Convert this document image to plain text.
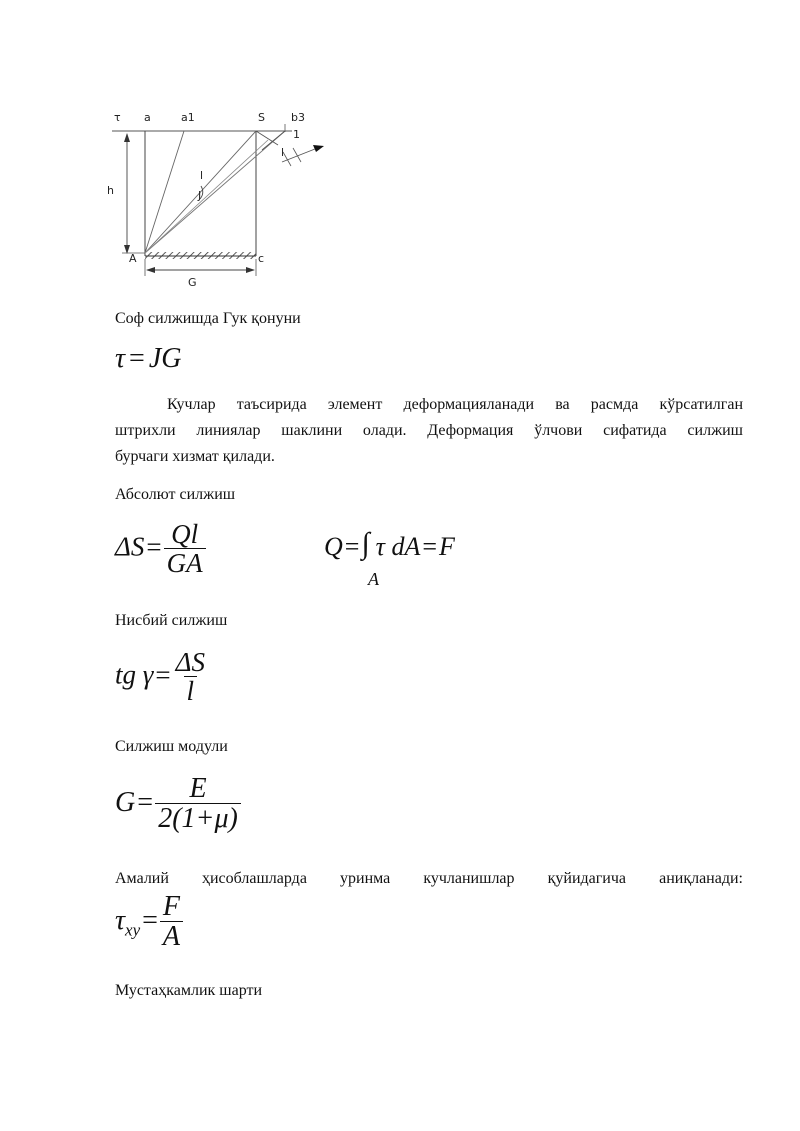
τ a	a1	S b3
1
l
h
l
J
A	c
G
Соф силжишда Гук қонуни
τ = JG
Кучлар таъсирида элемент деформацияланади ва расмда кўрсатилган
штрихли линиялар шаклини олади. Деформация ўлчови сифатида силжиш
бурчаги хизмат қилади.
Абсолют силжиш
$\Delta S= \frac{Ql}{GA}$	Q=∫ τ dA=F
A
Нисбий силжиш
tg $\gamma= \frac{\Delta S}{l}$
Силжиш модули
$G= \frac{E}{2(1+\mu)}$
Амалий ҳисоблашларда уринма кучланишлар қуйидагича аниқланади:
$\tau_{xy}= \frac{F}{A}$
Мустаҳкамлик шарти
